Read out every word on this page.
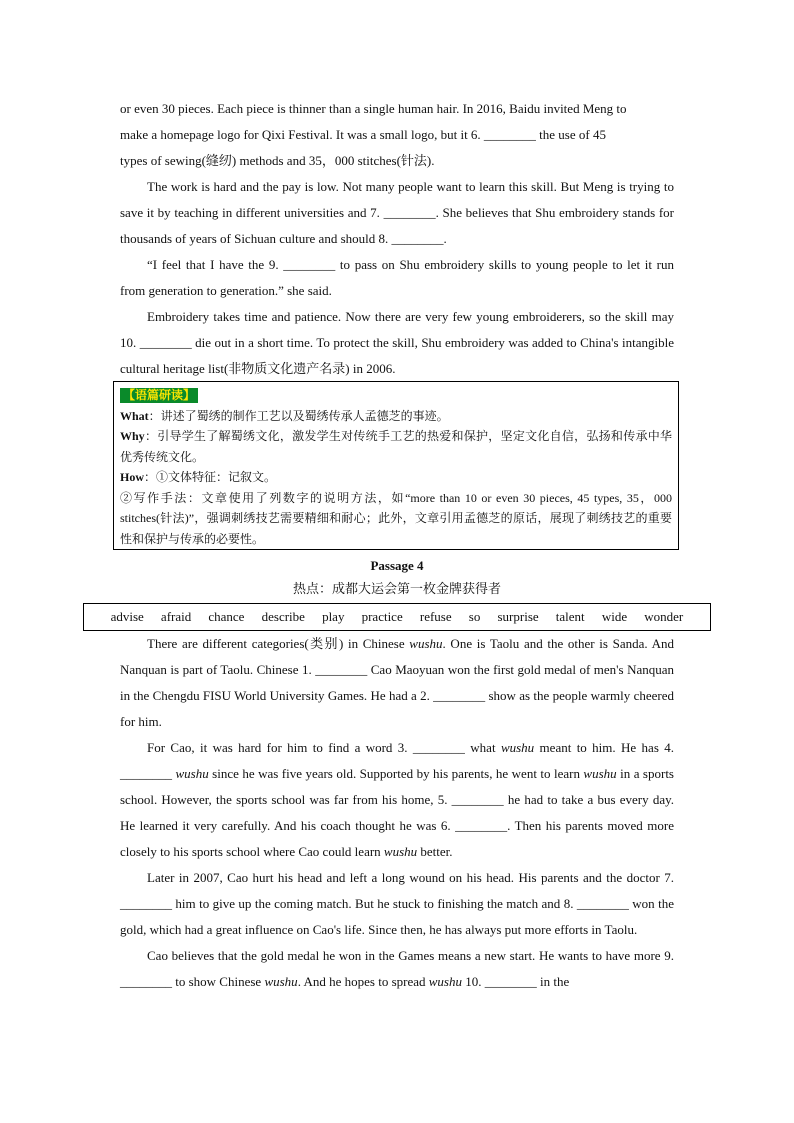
or even 30 pieces. Each piece is thinner than a single human hair. In 2016, Baidu invited Meng to
make a homepage logo for Qixi Festival. It was a small logo, but it 6. ________ the use of 45
types of sewing(缝纫) methods and 35，000 stitches(针法).
The work is hard and the pay is low. Not many people want to learn this skill. But Meng is trying to save it by teaching in different universities and 7. ________. She believes that Shu embroidery stands for thousands of years of Sichuan culture and should 8. ________.
“I feel that I have the 9. ________ to pass on Shu embroidery skills to young people to let it run from generation to generation.” she said.
Embroidery takes time and patience. Now there are very few young embroiderers, so the skill may 10. ________ die out in a short time. To protect the skill, Shu embroidery was added to China's intangible cultural heritage list(非物质文化遗产名录) in 2006.
【语篇研读】
What：讲述了蜀绣的制作工艺以及蜀绣传承人孟德芝的事迹。
Why：引导学生了解蜀绣文化，激发学生对传统手工艺的热爱和保护，坚定文化自信，弘扬和传承中华优秀传统文化。
How：①文体特征：记叙文。
②写作手法：文章使用了列数字的说明方法，如“more than 10 or even 30 pieces, 45 types, 35，000 stitches(针法)”，强调刺绣技艺需要精细和耐心；此外，文章引用孟德芝的原话，展现了刺绣技艺的重要性和保护与传承的必要性。
Passage 4
热点：成都大运会第一枚金牌获得者
advise afraid chance describe play practice refuse so surprise talent wide wonder
There are different categories(类别) in Chinese wushu. One is Taolu and the other is Sanda. And Nanquan is part of Taolu. Chinese 1. ________ Cao Maoyuan won the first gold medal of men's Nanquan in the Chengdu FISU World University Games. He had a 2. ________ show as the people warmly cheered for him.
For Cao, it was hard for him to find a word 3. ________ what wushu meant to him. He has 4. ________ wushu since he was five years old. Supported by his parents, he went to learn wushu in a sports school. However, the sports school was far from his home, 5. ________ he had to take a bus every day. He learned it very carefully. And his coach thought he was 6. ________. Then his parents moved more closely to his sports school where Cao could learn wushu better.
Later in 2007, Cao hurt his head and left a long wound on his head. His parents and the doctor 7. ________ him to give up the coming match. But he stuck to finishing the match and 8. ________ won the gold, which had a great influence on Cao's life. Since then, he has always put more efforts in Taolu.
Cao believes that the gold medal he won in the Games means a new start. He wants to have more 9. ________ to show Chinese wushu. And he hopes to spread wushu 10. ________ in the
